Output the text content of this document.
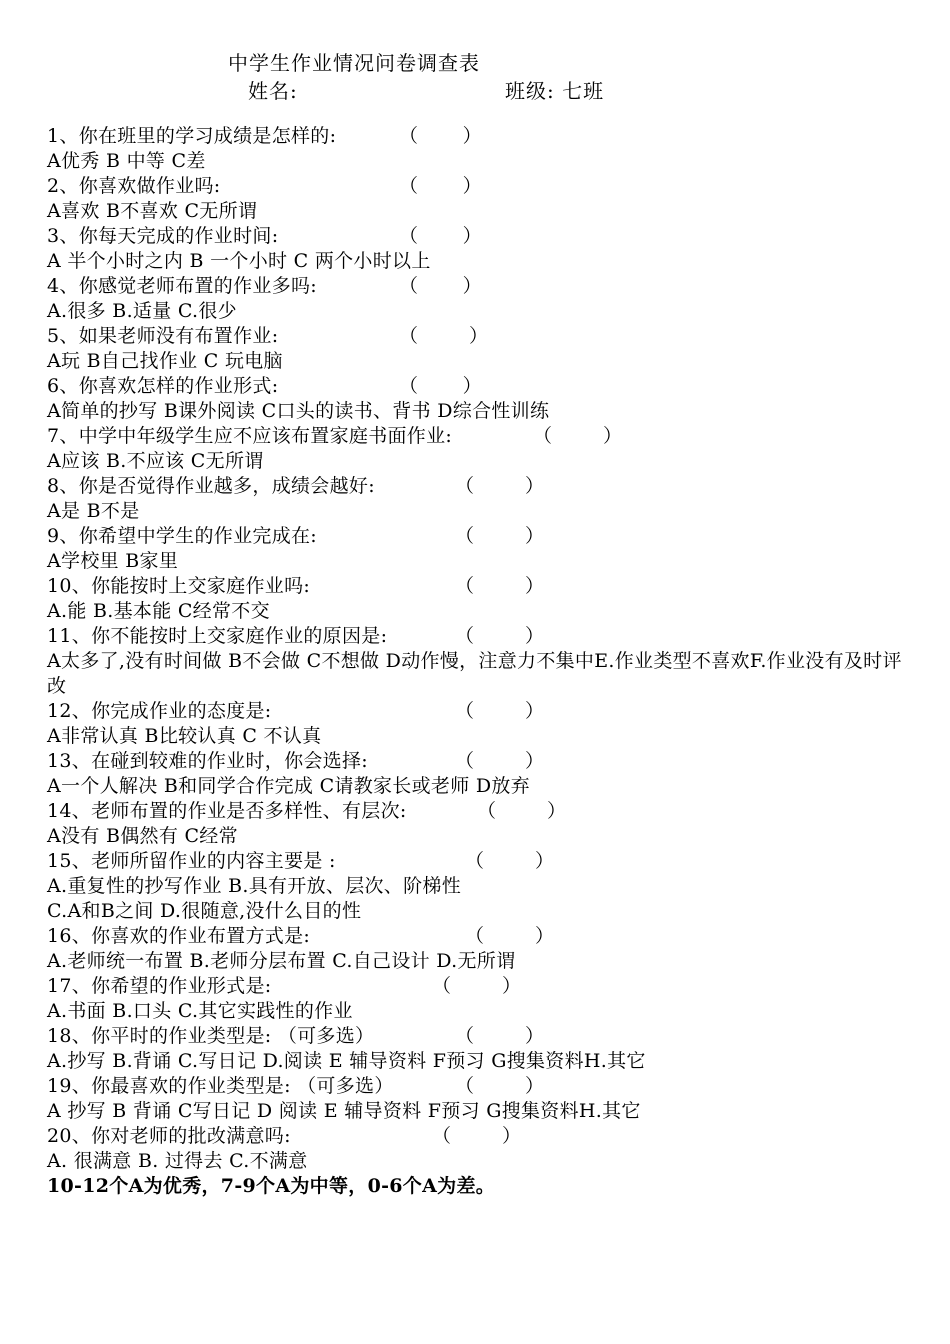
中学生作业情况问卷调查表
姓名:	班级: 七班
1、你在班里的学习成绩是怎样的:	（       ）
A优秀 B 中等 C差
2、你喜欢做作业吗:	（       ）
A喜欢 B不喜欢 C无所谓
3、你每天完成的作业时间:	（       ）
A 半个小时之内 B 一个小时 C 两个小时以上
4、你感觉老师布置的作业多吗:	（       ）
A.很多 B.适量 C.很少
5、如果老师没有布置作业:	（        ）
A玩 B自己找作业 C 玩电脑
6、你喜欢怎样的作业形式:	（       ）
A简单的抄写 B课外阅读 C口头的读书、背书 D综合性训练
7、中学中年级学生应不应该布置家庭书面作业:	（        ）
A应该 B.不应该 C无所谓
8、你是否觉得作业越多，成绩会越好:	（        ）
A是 B不是
9、你希望中学生的作业完成在:	（        ）
A学校里 B家里
10、你能按时上交家庭作业吗:	（        ）
A.能 B.基本能 C经常不交
11、你不能按时上交家庭作业的原因是:	（        ）
A太多了,没有时间做 B不会做 C不想做 D动作慢，注意力不集中E.作业类型不喜欢F.作业没有及时评改
12、你完成作业的态度是:	（        ）
A非常认真 B比较认真 C 不认真
13、在碰到较难的作业时，你会选择:	（        ）
A一个人解决 B和同学合作完成 C请教家长或老师 D放弃
14、老师布置的作业是否多样性、有层次:	（        ）
A没有 B偶然有 C经常
15、老师所留作业的内容主要是 :	（        ）
A.重复性的抄写作业 B.具有开放、层次、阶梯性
C.A和B之间 D.很随意,没什么目的性
16、你喜欢的作业布置方式是:	（        ）
A.老师统一布置 B.老师分层布置 C.自己设计 D.无所谓
17、你希望的作业形式是:	（        ）
A.书面 B.口头 C.其它实践性的作业
18、你平时的作业类型是: （可多选）	（        ）
A.抄写 B.背诵 C.写日记 D.阅读 E 辅导资料 F预习 G搜集资料H.其它
19、你最喜欢的作业类型是: （可多选）	（        ）
A 抄写 B 背诵 C写日记 D 阅读 E 辅导资料 F预习 G搜集资料H.其它
20、你对老师的批改满意吗:	（        ）
A. 很满意 B. 过得去 C.不满意
10-12个A为优秀，7-9个A为中等，0-6个A为差。
